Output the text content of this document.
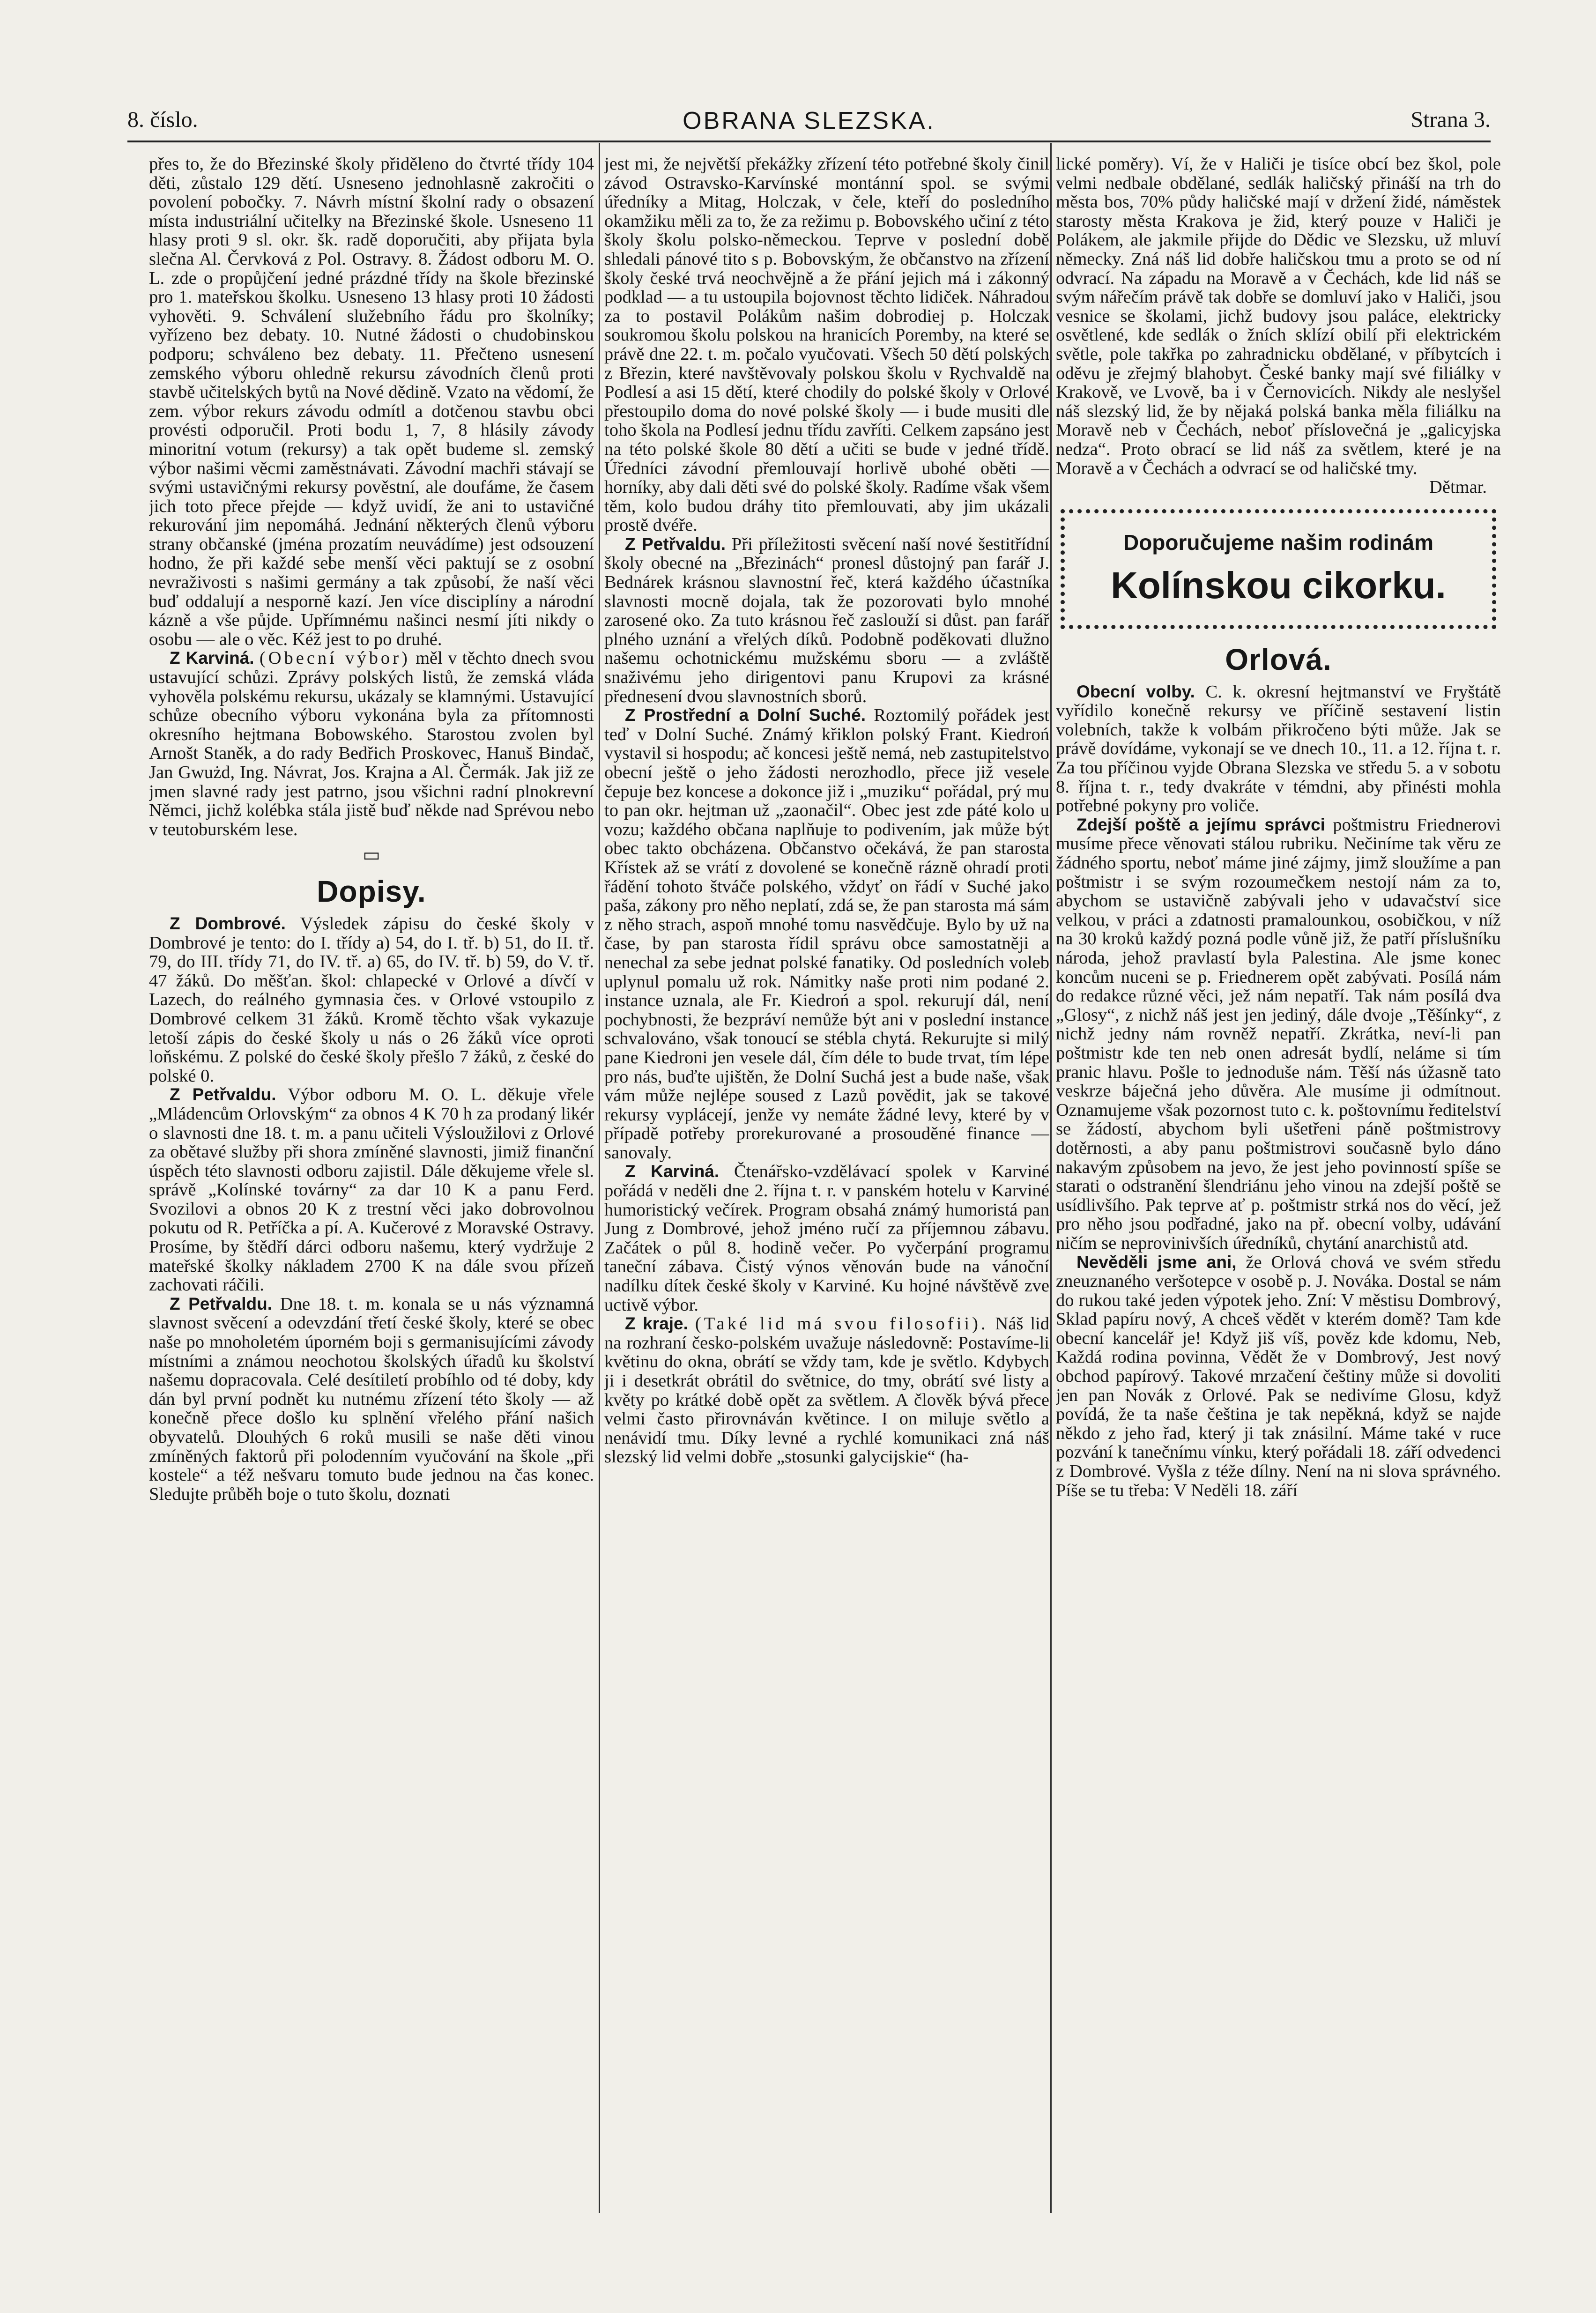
8. číslo.	OBRANA SLEZSKA.	Strana 3.

přes to, že do Březinské školy přiděleno do čtvrté třídy 104 děti, zůstalo 129 dětí. Usneseno jednohlasně zakročiti o povolení pobočky. 7. Návrh místní školní rady o obsazení místa industriální učitelky na Březinské škole. Usneseno 11 hlasy proti 9 sl. okr. šk. radě doporučiti, aby přijata byla slečna Al. Červková z Pol. Ostravy. 8. Žádost odboru M. O. L. zde o propůjčení jedné prázdné třídy na škole březinské pro 1. mateřskou školku. Usneseno 13 hlasy proti 10 žádosti vyhověti. 9. Schválení služebního řádu pro školníky; vyřízeno bez debaty. 10. Nutné žádosti o chudobinskou podporu; schváleno bez debaty. 11. Přečteno usnesení zemského výboru ohledně rekursu závodních členů proti stavbě učitelských bytů na Nové dědině. Vzato na vědomí, že zem. výbor rekurs závodu odmítl a dotčenou stavbu obci provésti odporučil. Proti bodu 1, 7, 8 hlásily závody minoritní votum (rekursy) a tak opět budeme sl. zemský výbor našimi věcmi zaměstnávati. Závodní machři stávají se svými ustavičnými rekursy pověstní, ale doufáme, že časem jich toto přece přejde — když uvidí, že ani to ustavičné rekurování jim nepomáhá. Jednání některých členů výboru strany občanské (jména prozatím neuvádíme) jest odsouzení hodno, že při každé sebe menší věci paktují se z osobní nevraživosti s našimi germány a tak způsobí, že naší věci buď oddalují a nesporně kazí. Jen více disciplíny a národní kázně a vše půjde. Upřímnému našinci nesmí jíti nikdy o osobu — ale o věc. Kéž jest to po druhé.

Z Karviná. (Obecní výbor) měl v těchto dnech svou ustavující schůzi. Zprávy polských listů, že zemská vláda vyhověla polskému rekursu, ukázaly se klamnými. Ustavující schůze obecního výboru vykonána byla za přítomnosti okresního hejtmana Bobowského. Starostou zvolen byl Arnošt Staněk, a do rady Bedřich Proskovec, Hanuš Bindač, Jan Gwużd, Ing. Návrat, Jos. Krajna a Al. Čermák. Jak již ze jmen slavné rady jest patrno, jsou všichni radní plnokrevní Němci, jichž kolébka stála jistě buď někde nad Sprévou nebo v teutoburském lese.

▭
Dopisy.

Z Dombrové. Výsledek zápisu do české školy v Dombrové je tento: do I. třídy a) 54, do I. tř. b) 51, do II. tř. 79, do III. třídy 71, do IV. tř. a) 65, do IV. tř. b) 59, do V. tř. 47 žáků. Do měšťan. škol: chlapecké v Orlové a dívčí v Lazech, do reálného gymnasia čes. v Orlové vstoupilo z Dombrové celkem 31 žáků. Kromě těchto však vykazuje letoší zápis do české školy u nás o 26 žáků více oproti loňskému. Z polské do české školy přešlo 7 žáků, z české do polské 0.

Z Petřvaldu. Výbor odboru M. O. L. děkuje vřele „Mládencům Orlovským“ za obnos 4 K 70 h za prodaný likér o slavnosti dne 18. t. m. a panu učiteli Výsloužilovi z Orlové za obětavé služby při shora zmíněné slavnosti, jimiž finanční úspěch této slavnosti odboru zajistil. Dále děkujeme vřele sl. správě „Kolínské továrny“ za dar 10 K a panu Ferd. Svozilovi a obnos 20 K z trestní věci jako dobrovolnou pokutu od R. Petříčka a pí. A. Kučerové z Moravské Ostravy. Prosíme, by štědří dárci odboru našemu, který vydržuje 2 mateřské školky nákladem 2700 K na dále svou přízeň zachovati ráčili.

Z Petřvaldu. Dne 18. t. m. konala se u nás významná slavnost svěcení a odevzdání třetí české školy, které se obec naše po mnoholetém úporném boji s germanisujícími závody místními a známou neochotou školských úřadů ku školství našemu dopracovala. Celé desítiletí probíhlo od té doby, kdy dán byl první podnět ku nutnému zřízení této školy — až konečně přece došlo ku splnění vřelého přání našich obyvatelů. Dlouhých 6 roků musili se naše děti vinou zmíněných faktorů při polodenním vyučování na škole „při kostele“ a též nešvaru tomuto bude jednou na čas konec. Sledujte průběh boje o tuto školu, doznati

jest mi, že největší překážky zřízení této potřebné školy činil závod Ostravsko-Karvínské montánní spol. se svými úředníky a Mitag, Holczak, v čele, kteří do posledního okamžiku měli za to, že za režimu p. Bobovského učiní z této školy školu polsko-německou. Teprve v poslední době shledali pánové tito s p. Bobovským, že občanstvo na zřízení školy české trvá neochvějně a že přání jejich má i zákonný podklad — a tu ustoupila bojovnost těchto lidiček. Náhradou za to postavil Polákům našim dobrodiej p. Holczak soukromou školu polskou na hranicích Poremby, na které se právě dne 22. t. m. počalo vyučovati. Všech 50 dětí polských z Březin, které navštěvovaly polskou školu v Rychvaldě na Podlesí a asi 15 dětí, které chodily do polské školy v Orlové přestoupilo doma do nové polské školy — i bude musiti dle toho škola na Podlesí jednu třídu zavříti. Celkem zapsáno jest na této polské škole 80 dětí a učiti se bude v jedné třídě. Úředníci závodní přemlouvají horlivě ubohé oběti — horníky, aby dali děti své do polské školy. Radíme však všem těm, kolo budou dráhy tito přemlouvati, aby jim ukázali prostě dvéře.

Z Petřvaldu. Při příležitosti svěcení naší nové šestitřídní školy obecné na „Březinách“ pronesl důstojný pan farář J. Bednárek krásnou slavnostní řeč, která každého účastníka slavnosti mocně dojala, tak že pozorovati bylo mnohé zarosené oko. Za tuto krásnou řeč zaslouží si důst. pan farář plného uznání a vřelých díků. Podobně poděkovati dlužno našemu ochotnickému mužskému sboru — a zvláště snaživému jeho dirigentovi panu Krupovi za krásné přednesení dvou slavnostních sborů.

Z Prostřední a Dolní Suché. Roztomilý pořádek jest teď v Dolní Suché. Známý křiklon polský Frant. Kiedroń vystavil si hospodu; ač koncesi ještě nemá, neb zastupitelstvo obecní ještě o jeho žádosti nerozhodlo, přece již vesele čepuje bez koncese a dokonce již i „muziku“ pořádal, prý mu to pan okr. hejtman už „zaonačil“. Obec jest zde páté kolo u vozu; každého občana naplňuje to podivením, jak může být obec takto obcházena. Občanstvo očekává, že pan starosta Křístek až se vrátí z dovolené se konečně rázně ohradí proti řádění tohoto štváče polského, vždyť on řádí v Suché jako paša, zákony pro něho neplatí, zdá se, že pan starosta má sám z něho strach, aspoň mnohé tomu nasvědčuje. Bylo by už na čase, by pan starosta řídil správu obce samostatněji a nenechal za sebe jednat polské fanatiky. Od posledních voleb uplynul pomalu už rok. Námitky naše proti nim podané 2. instance uznala, ale Fr. Kiedroń a spol. rekurují dál, není pochybnosti, že bezpráví nemůže být ani v poslední instance schvalováno, však tonoucí se stébla chytá. Rekurujte si milý pane Kiedroni jen vesele dál, čím déle to bude trvat, tím lépe pro nás, buďte ujištěn, že Dolní Suchá jest a bude naše, však vám může nejlépe soused z Lazů povědit, jak se takové rekursy vyplácejí, jenže vy nemáte žádné levy, které by v případě potřeby prorekurované a prosouděné finance — sanovaly.

Z Karviná. Čtenářsko-vzdělávací spolek v Karviné pořádá v neděli dne 2. října t. r. v panském hotelu v Karviné humoristický večírek. Program obsahá známý humoristá pan Jung z Dombrové, jehož jméno ručí za příjemnou zábavu. Začátek o půl 8. hodině večer. Po vyčerpání programu taneční zábava. Čistý výnos věnován bude na vánoční nadílku dítek české školy v Karviné. Ku hojné návštěvě zve uctivě výbor.

Z kraje. (Také lid má svou filosofii). Náš lid na rozhraní česko-polském uvažuje následovně: Postavíme-li květinu do okna, obrátí se vždy tam, kde je světlo. Kdybych ji i desetkrát obrátil do světnice, do tmy, obrátí své listy a květy po krátké době opět za světlem. A člověk bývá přece velmi často přirovnáván květince. I on miluje světlo a nenávidí tmu. Díky levné a rychlé komunikaci zná náš slezský lid velmi dobře „stosunki galycijskie“ (ha-

lické poměry). Ví, že v Haliči je tisíce obcí bez škol, pole velmi nedbale obdělané, sedlák haličský přináší na trh do města bos, 70% půdy haličské mají v držení židé, náměstek starosty města Krakova je žid, který pouze v Haliči je Polákem, ale jakmile přijde do Dědic ve Slezsku, už mluví německy. Zná náš lid dobře haličskou tmu a proto se od ní odvrací. Na západu na Moravě a v Čechách, kde lid náš se svým nářečím právě tak dobře se domluví jako v Haliči, jsou vesnice se školami, jichž budovy jsou paláce, elektricky osvětlené, kde sedlák o žních sklízí obilí při elektrickém světle, pole takřka po zahradnicku obdělané, v příbytcích i oděvu je zřejmý blahobyt. České banky mají své filiálky v Krakově, ve Lvově, ba i v Černovicích. Nikdy ale neslyšel náš slezský lid, že by nějaká polská banka měla filiálku na Moravě neb v Čechách, neboť příslovečná je „galicyjska nedza“. Proto obrací se lid náš za světlem, které je na Moravě a v Čechách a odvrací se od haličské tmy.

Dětmar.
Doporučujeme našim rodinám
Kolínskou cikorku.
Orlová.

Obecní volby. C. k. okresní hejtmanství ve Fryštátě vyřídilo konečně rekursy ve příčině sestavení listin volebních, takže k volbám přikročeno býti může. Jak se právě dovídáme, vykonají se ve dnech 10., 11. a 12. října t. r. Za tou příčinou vyjde Obrana Slezska ve středu 5. a v sobotu 8. října t. r., tedy dvakráte v témdni, aby přinésti mohla potřebné pokyny pro voliče.

Zdejší poště a jejímu správci poštmistru Friednerovi musíme přece věnovati stálou rubriku. Nečiníme tak věru ze žádného sportu, neboť máme jiné zájmy, jimž sloužíme a pan poštmistr i se svým rozoumečkem nestojí nám za to, abychom se ustavičně zabývali jeho v udavačství sice velkou, v práci a zdatnosti pramalounkou, osobičkou, v níž na 30 kroků každý pozná podle vůně již, že patří příslušníku národa, jehož pravlastí byla Palestina. Ale jsme konec koncům nuceni se p. Friednerem opět zabývati. Posílá nám do redakce různé věci, jež nám nepatří. Tak nám posílá dva „Glosy“, z nichž náš jest jen jediný, dále dvoje „Těšínky“, z nichž jedny nám rovněž nepatří. Zkrátka, neví-li pan poštmistr kde ten neb onen adresát bydlí, neláme si tím pranic hlavu. Pošle to jednoduše nám. Těší nás úžasně tato veskrze báječná jeho důvěra. Ale musíme ji odmítnout. Oznamujeme však pozornost tuto c. k. poštovnímu ředitelství se žádostí, abychom byli ušetřeni páně poštmistrovy dotěrnosti, a aby panu poštmistrovi současně bylo dáno nakavým způsobem na jevo, že jest jeho povinností spíše se starati o odstranění šlendriánu jeho vinou na zdejší poště se usídlivšího. Pak teprve ať p. poštmistr strká nos do věcí, jež pro něho jsou podřadné, jako na př. obecní volby, udávání ničím se neprovinivších úředníků, chytání anarchistů atd.

Nevěděli jsme ani, že Orlová chová ve svém středu zneuznaného veršotepce v osobě p. J. Nováka. Dostal se nám do rukou také jeden výpotek jeho. Zní: V městisu Dombrový, Sklad papíru nový, A chceš vědět v kterém domě? Tam kde obecní kancelář je! Když jiš víš, pověz kde kdomu, Neb, Každá rodina povinna, Vědět že v Dombrový, Jest nový obchod papírový. Takové mrzačení češtiny může si dovoliti jen pan Novák z Orlové. Pak se nedivíme Glosu, když povídá, že ta naše čeština je tak nepěkná, když se najde někdo z jeho řad, který ji tak znásilní. Máme také v ruce pozvání k tanečnímu vínku, který pořádali 18. září odvedenci z Dombrové. Vyšla z téže dílny. Není na ni slova správného. Píše se tu třeba: V Neděli 18. září
